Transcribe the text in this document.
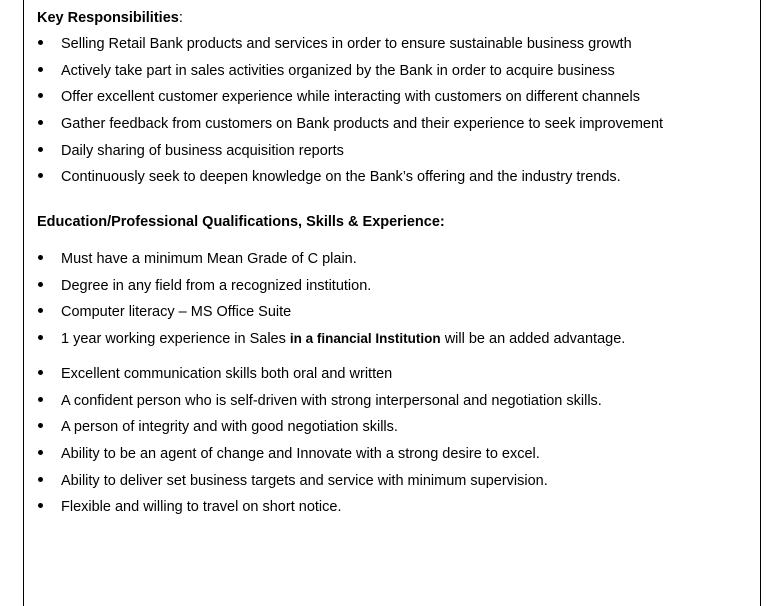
Key Responsibilities:
Selling Retail Bank products and services in order to ensure sustainable business growth
Actively take part in sales activities organized by the Bank in order to acquire business
Offer excellent customer experience while interacting with customers on different channels
Gather feedback from customers on Bank products and their experience to seek improvement
Daily sharing of business acquisition reports
Continuously seek to deepen knowledge on the Bank’s offering and the industry trends.
Education/Professional Qualifications, Skills & Experience:
Must have a minimum Mean Grade of C plain.
Degree in any field from a recognized institution.
Computer literacy – MS Office Suite
1 year working experience in Sales in a financial Institution will be an added advantage.
Excellent communication skills both oral and written
A confident person who is self-driven with strong interpersonal and negotiation skills.
A person of integrity and with good negotiation skills.
Ability to be an agent of change and Innovate with a strong desire to excel.
Ability to deliver set business targets and service with minimum supervision.
Flexible and willing to travel on short notice.
